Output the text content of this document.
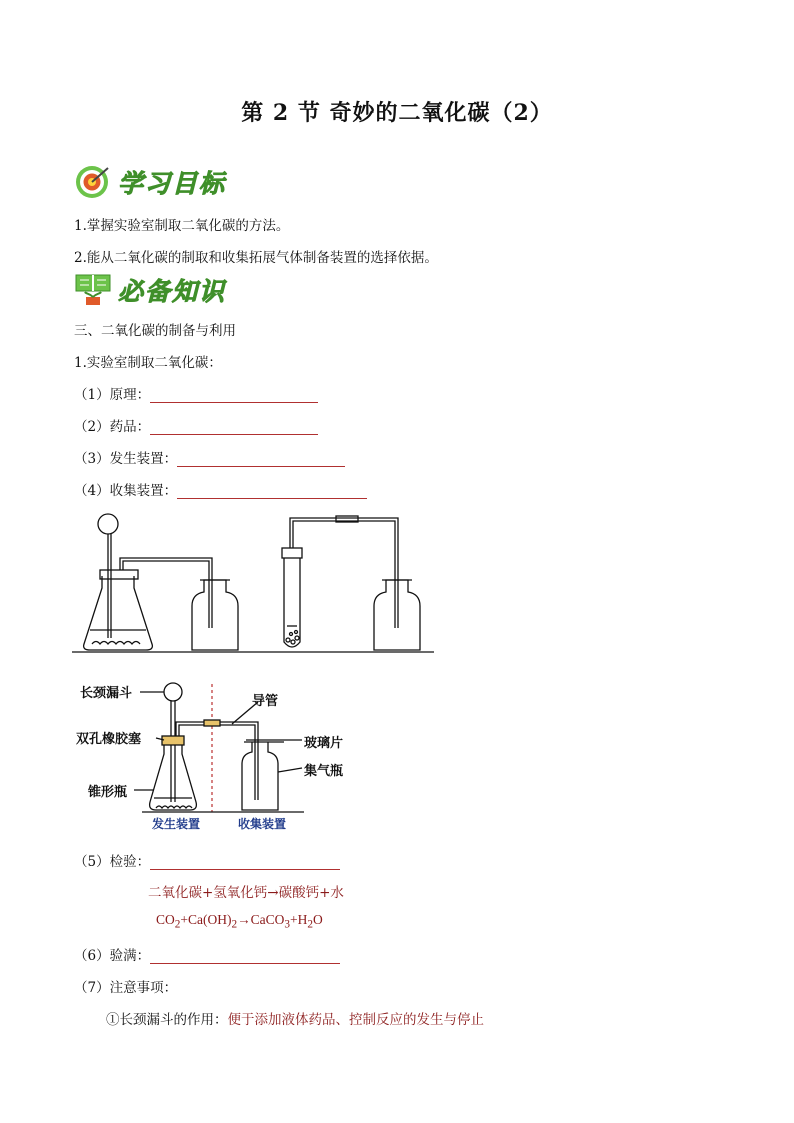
第 2 节 奇妙的二氧化碳（2）
学习目标
1.掌握实验室制取二氧化碳的方法。
2.能从二氧化碳的制取和收集拓展气体制备装置的选择依据。
必备知识
三、二氧化碳的制备与利用
1.实验室制取二氧化碳：
（1）原理：
（2）药品：
（3）发生装置：
（4）收集装置：
长颈漏斗
双孔橡胶塞
锥形瓶
导管
玻璃片
集气瓶
发生装置	收集装置
（5）检验：
二氧化碳+氢氧化钙→碳酸钙+水
$CO_2+Ca(OH)_2\to CaCO_3+H_2O$
（6）验满：
（7）注意事项：
①长颈漏斗的作用：便于添加液体药品、控制反应的发生与停止
